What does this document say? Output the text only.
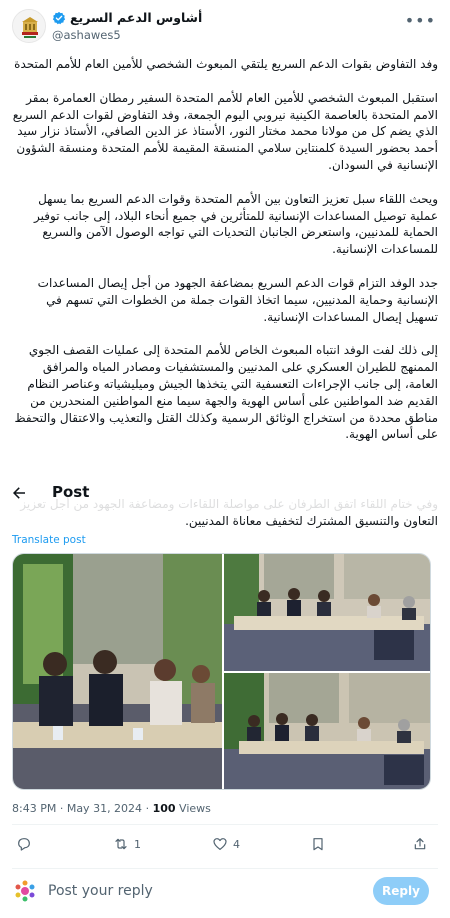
أشاوس الدعم السريع
@ashawes5
•••

وفد التفاوض بقوات الدعم السريع يلتقي المبعوث الشخصي للأمين العام للأمم المتحدة

استقبل المبعوث الشخصي للأمين العام للأمم المتحدة السفير رمطان العمامرة بمقر الامم المتحدة بالعاصمة الكينية نيروبي اليوم الجمعة، وفد التفاوض لقوات الدعم السريع الذي يضم كل من مولانا محمد مختار النور، الأستاذ عز الدين الصافي، الأستاذ نزار سيد أحمد بحضور السيدة كلمنتاين سلامي المنسقة المقيمة للأمم المتحدة ومنسقة الشؤون الإنسانية في السودان.

ويحث اللقاء سبل تعزيز التعاون بين الأمم المتحدة وقوات الدعم السريع بما يسهل عملية توصيل المساعدات الإنسانية للمتأثرين في جميع أنحاء البلاد، إلى جانب توفير الحماية للمدنيين، واستعرض الجانبان التحديات التي تواجه الوصول الآمن والسريع للمساعدات الإنسانية.

جدد الوفد التزام قوات الدعم السريع بمضاعفة الجهود من أجل إيصال المساعدات الإنسانية وحماية المدنيين، سيما اتخاذ القوات جملة من الخطوات التي تسهم في تسهيل إيصال المساعدات الإنسانية.

إلى ذلك لفت الوفد انتباه المبعوث الخاص للأمم المتحدة إلى عمليات القصف الجوي الممنهج للطيران العسكري على المدنيين والمستشفيات ومصادر المياه والمرافق العامة، إلى جانب الإجراءات التعسفية التي يتخذها الجيش وميليشياته وعناصر النظام القديم ضد المواطنين على أساس الهوية والجهة سيما منع المواطنين المنحدرين من مناطق محددة من استخراج الوثائق الرسمية وكذلك القتل والتعذيب والاعتقال والتحفظ على أساس الهوية.

التعاون والتنسيق المشترك لتخفيف معاناة المدنيين.
Post
Translate post
8:43 PM · May 31, 2024 · 100 Views
1	4
Post your reply	Reply
